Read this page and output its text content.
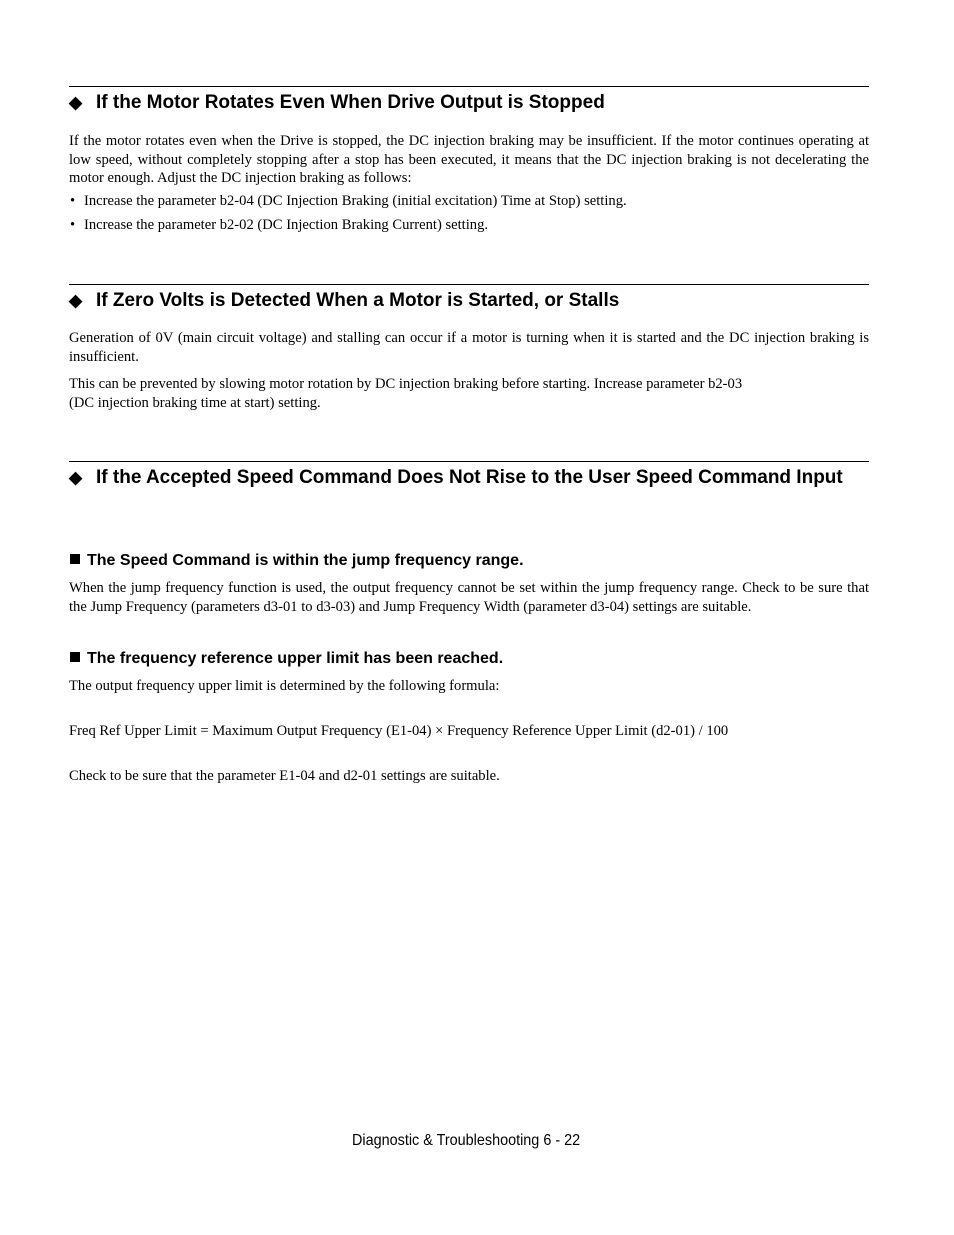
◆ If the Motor Rotates Even When Drive Output is Stopped
If the motor rotates even when the Drive is stopped, the DC injection braking may be insufficient. If the motor continues operating at low speed, without completely stopping after a stop has been executed, it means that the DC injection braking is not decelerating the motor enough. Adjust the DC injection braking as follows:
• Increase the parameter b2-04 (DC Injection Braking (initial excitation) Time at Stop) setting.
• Increase the parameter b2-02 (DC Injection Braking Current) setting.
◆ If Zero Volts is Detected When a Motor is Started, or Stalls
Generation of 0V (main circuit voltage) and stalling can occur if a motor is turning when it is started and the DC injection braking is insufficient.
This can be prevented by slowing motor rotation by DC injection braking before starting. Increase parameter b2-03
(DC injection braking time at start) setting.
◆ If the Accepted Speed Command Does Not Rise to the User Speed Command Input
The Speed Command is within the jump frequency range.
When the jump frequency function is used, the output frequency cannot be set within the jump frequency range. Check to be sure that the Jump Frequency (parameters d3-01 to d3-03) and Jump Frequency Width (parameter d3-04) settings are suitable.
The frequency reference upper limit has been reached.
The output frequency upper limit is determined by the following formula:
Freq Ref Upper Limit = Maximum Output Frequency (E1-04) × Frequency Reference Upper Limit (d2-01) / 100
Check to be sure that the parameter E1-04 and d2-01 settings are suitable.
Diagnostic & Troubleshooting 6 - 22
